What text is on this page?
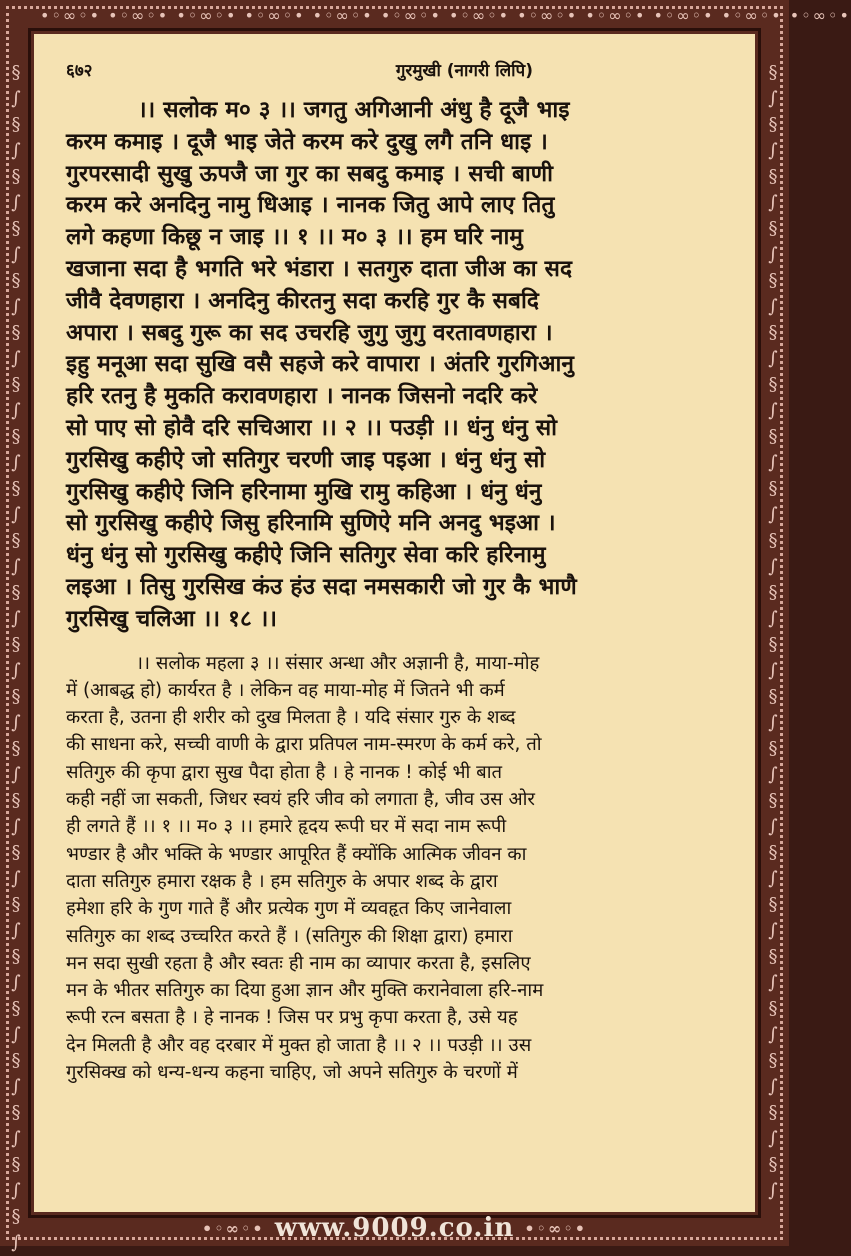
•◦∞◦• •◦∞◦• •◦∞◦• •◦∞◦• •◦∞◦• •◦∞◦• •◦∞◦• •◦∞◦• •◦∞◦• •◦∞◦• •◦∞◦• •◦∞◦•
§
∫
§
∫
§
∫
§
∫
§
∫
§
∫
§
∫
§
∫
§
∫
§
∫
§
∫
§
∫
§
∫
§
∫
§
∫
§
∫
§
∫
§
∫
§
∫
§
∫
§
∫
§
∫
§
∫
§
∫
§
∫
§
∫
§
∫
§
∫
§
∫
§
∫
§
∫
§
∫
§
∫
§
∫
§
∫
§
∫
§
∫
§
∫
§
∫
§
∫
§
∫
§
∫
§
∫
§
∫
§
∫
६७२	गुरमुखी (नागरी लिपि)
।। सलोक म० ३ ।। जगतु अगिआनी अंधु है दूजै भाइ
करम कमाइ । दूजै भाइ जेते करम करे दुखु लगै तनि धाइ ।
गुरपरसादी सुखु ऊपजै जा गुर का सबदु कमाइ । सची बाणी
करम करे अनदिनु नामु धिआइ । नानक जितु आपे लाए तितु
लगे कहणा किछू न जाइ ।। १ ।। म० ३ ।। हम घरि नामु
खजाना सदा है भगति भरे भंडारा । सतगुरु दाता जीअ का सद
जीवै देवणहारा । अनदिनु कीरतनु सदा करहि गुर कै सबदि
अपारा । सबदु गुरू का सद उचरहि जुगु जुगु वरतावणहारा ।
इहु मनूआ सदा सुखि वसै सहजे करे वापारा । अंतरि गुरगिआनु
हरि रतनु है मुकति करावणहारा । नानक जिसनो नदरि करे
सो पाए सो होवै दरि सचिआरा ।। २ ।। पउड़ी ।। धंनु धंनु सो
गुरसिखु कहीऐ जो सतिगुर चरणी जाइ पइआ । धंनु धंनु सो
गुरसिखु कहीऐ जिनि हरिनामा मुखि रामु कहिआ । धंनु धंनु
सो गुरसिखु कहीऐ जिसु हरिनामि सुणिऐ मनि अनदु भइआ ।
धंनु धंनु सो गुरसिखु कहीऐ जिनि सतिगुर सेवा करि हरिनामु
लइआ । तिसु गुरसिख कंउ हंउ सदा नमसकारी जो गुर कै भाणै
गुरसिखु चलिआ ।। १८ ।।
।। सलोक महला ३ ।। संसार अन्धा और अज्ञानी है, माया-मोह
में (आबद्ध हो) कार्यरत है । लेकिन वह माया-मोह में जितने भी कर्म
करता है, उतना ही शरीर को दुख मिलता है । यदि संसार गुरु के शब्द
की साधना करे, सच्ची वाणी के द्वारा प्रतिपल नाम-स्मरण के कर्म करे, तो
सतिगुरु की कृपा द्वारा सुख पैदा होता है । हे नानक ! कोई भी बात
कही नहीं जा सकती, जिधर स्वयं हरि जीव को लगाता है, जीव उस ओर
ही लगते हैं ।। १ ।। म० ३ ।। हमारे हृदय रूपी घर में सदा नाम रूपी
भण्डार है और भक्ति के भण्डार आपूरित हैं क्योंकि आत्मिक जीवन का
दाता सतिगुरु हमारा रक्षक है । हम सतिगुरु के अपार शब्द के द्वारा
हमेशा हरि के गुण गाते हैं और प्रत्येक गुण में व्यवहृत किए जानेवाला
सतिगुरु का शब्द उच्चरित करते हैं । (सतिगुरु की शिक्षा द्वारा) हमारा
मन सदा सुखी रहता है और स्वतः ही नाम का व्यापार करता है, इसलिए
मन के भीतर सतिगुरु का दिया हुआ ज्ञान और मुक्ति करानेवाला हरि-नाम
रूपी रत्न बसता है । हे नानक ! जिस पर प्रभु कृपा करता है, उसे यह
देन मिलती है और वह दरबार में मुक्त हो जाता है ।। २ ।। पउड़ी ।। उस
गुरसिक्ख को धन्य-धन्य कहना चाहिए, जो अपने सतिगुरु के चरणों में
•◦∞◦• www.9009.co.in •◦∞◦•
